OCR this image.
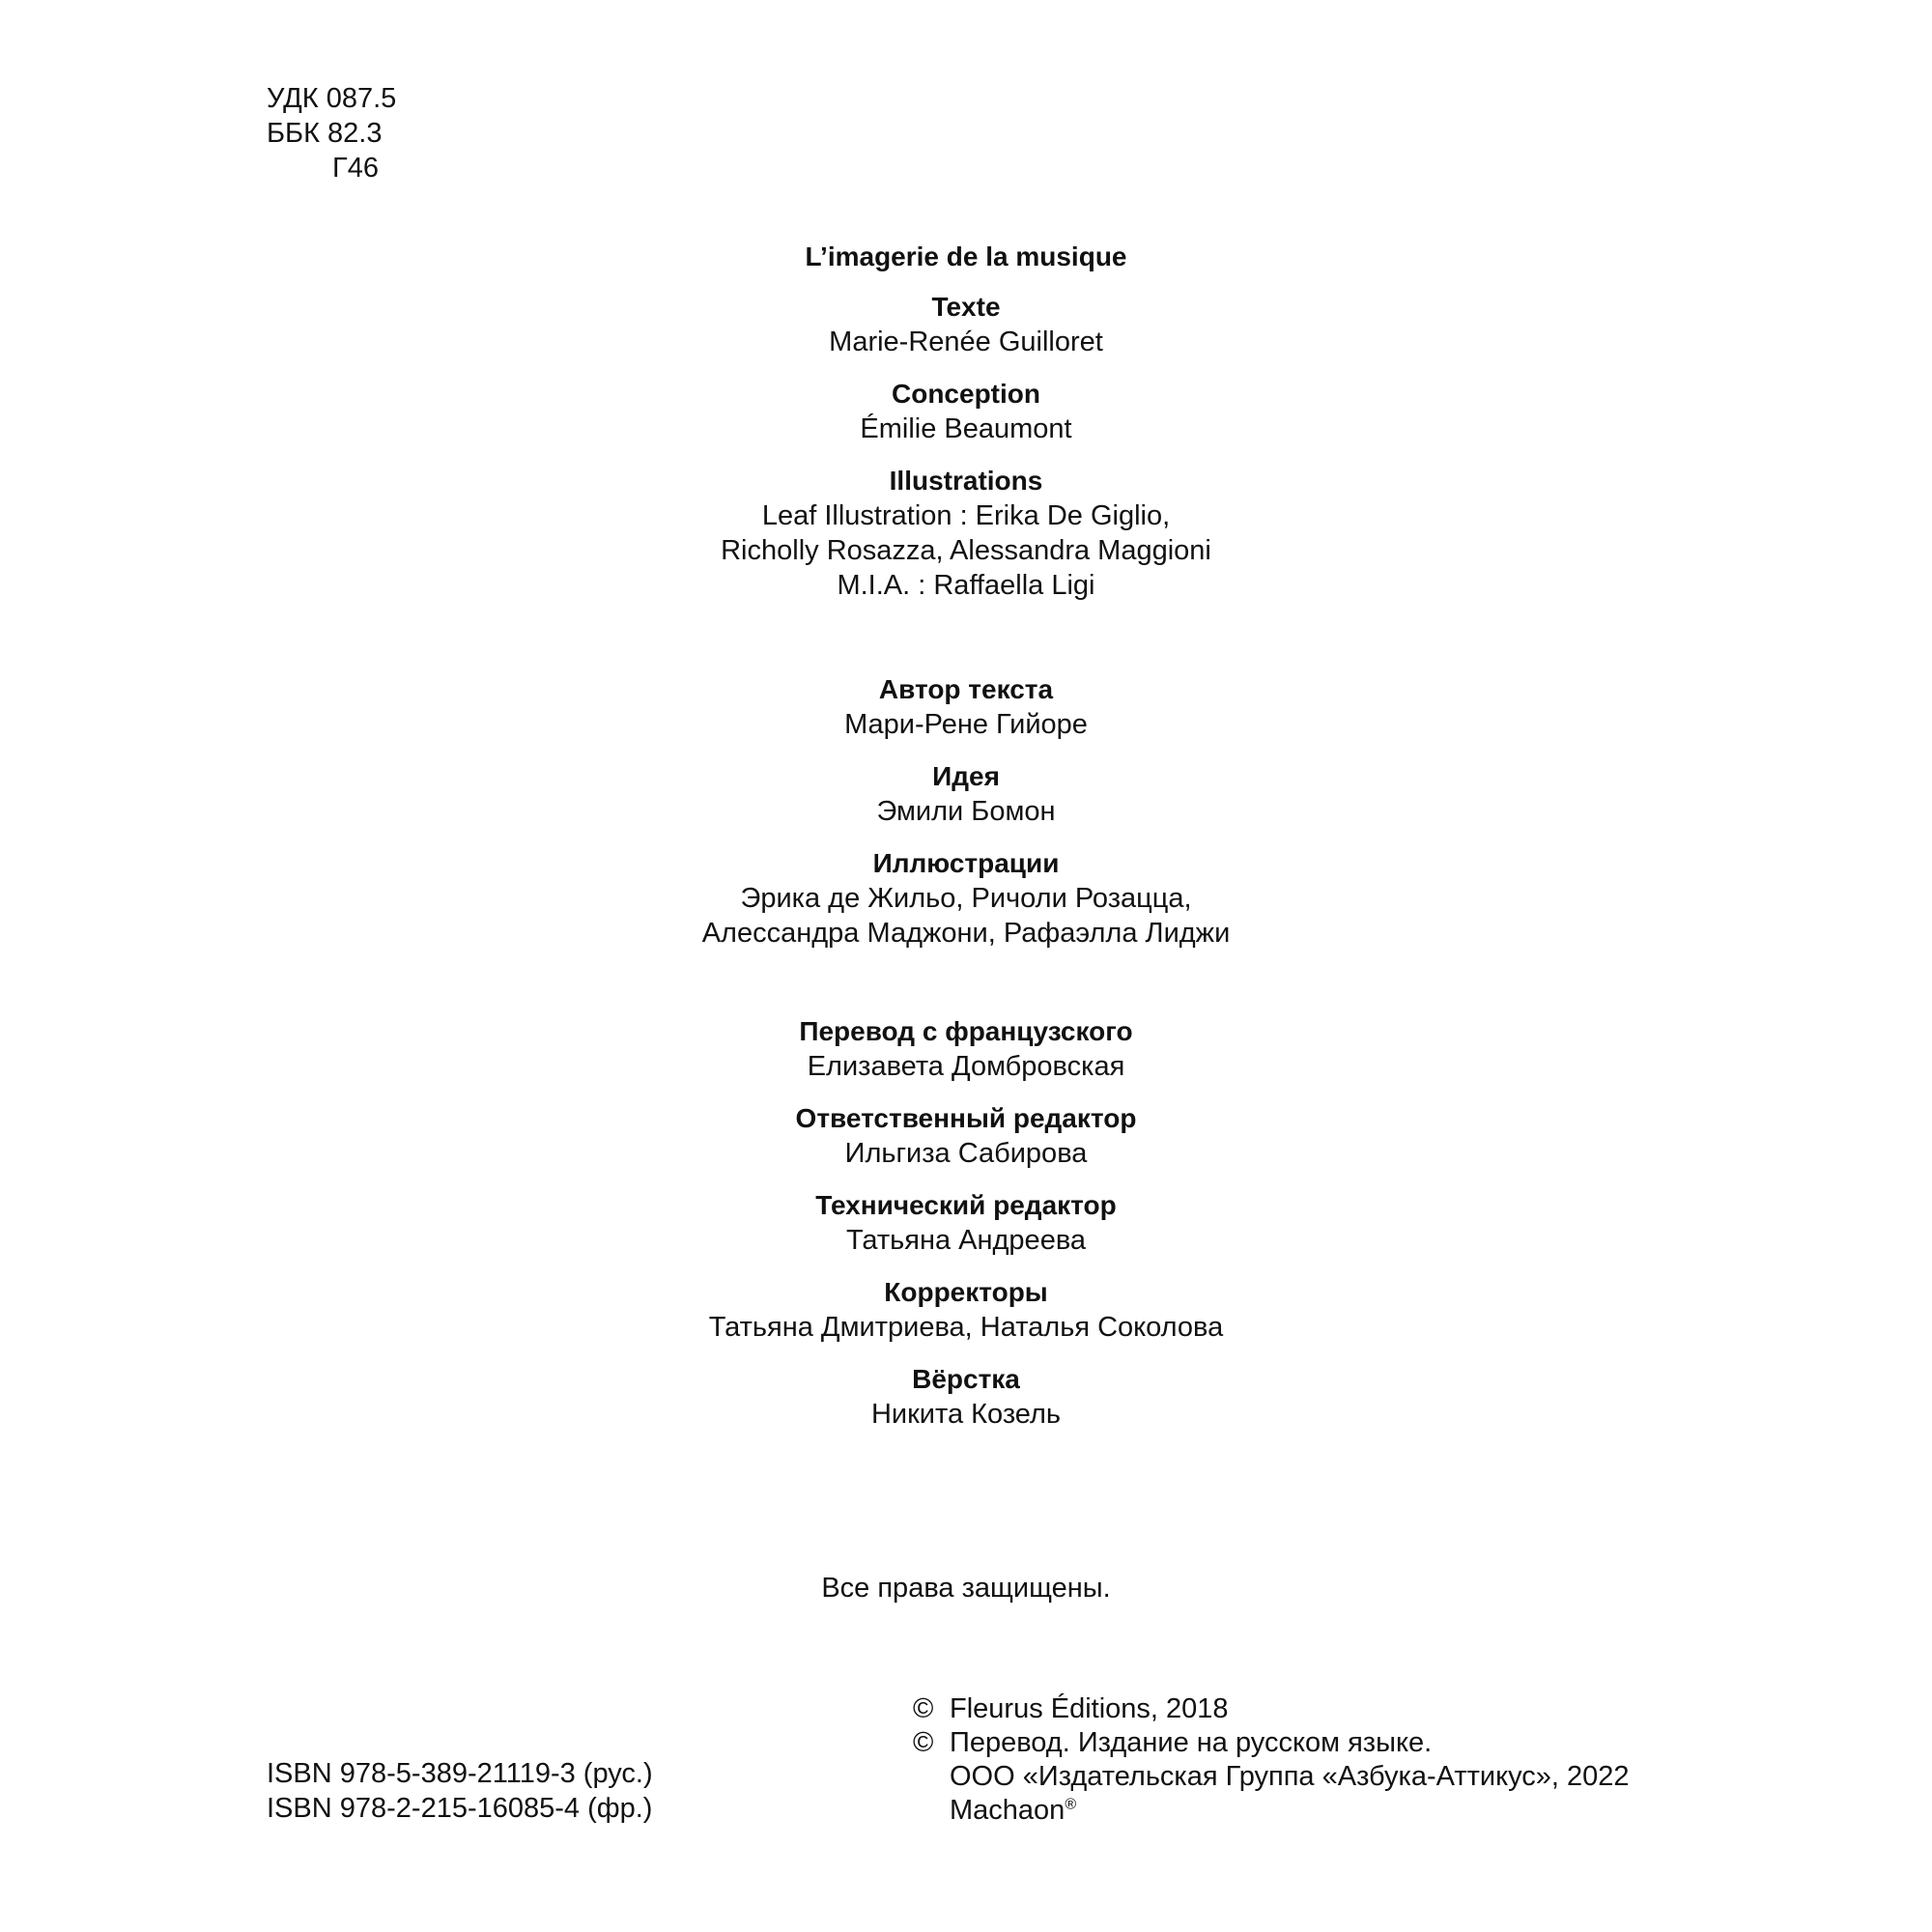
УДК 087.5
ББК 82.3
Г46
L’imagerie de la musique
Texte
Marie-Renée Guilloret
Conception
Émilie Beaumont
Illustrations
Leaf Illustration : Erika De Giglio,
Richolly Rosazza, Alessandra Maggioni
M.I.A. : Raffaella Ligi
Автор текста
Мари-Рене Гийоре
Идея
Эмили Бомон
Иллюстрации
Эрика де Жильо, Ричоли Розацца,
Алессандра Маджони, Рафаэлла Лиджи
Перевод с французского
Елизавета Домбровская
Ответственный редактор
Ильгиза Сабирова
Технический редактор
Татьяна Андреева
Корректоры
Татьяна Дмитриева, Наталья Соколова
Вёрстка
Никита Козель
Все права защищены.
ISBN 978-5-389-21119-3 (рус.)
ISBN 978-2-215-16085-4 (фр.)
© Fleurus Éditions, 2018
© Перевод. Издание на русском языке.
ООО «Издательская Группа «Азбука-Аттикус», 2022
Machaon®
